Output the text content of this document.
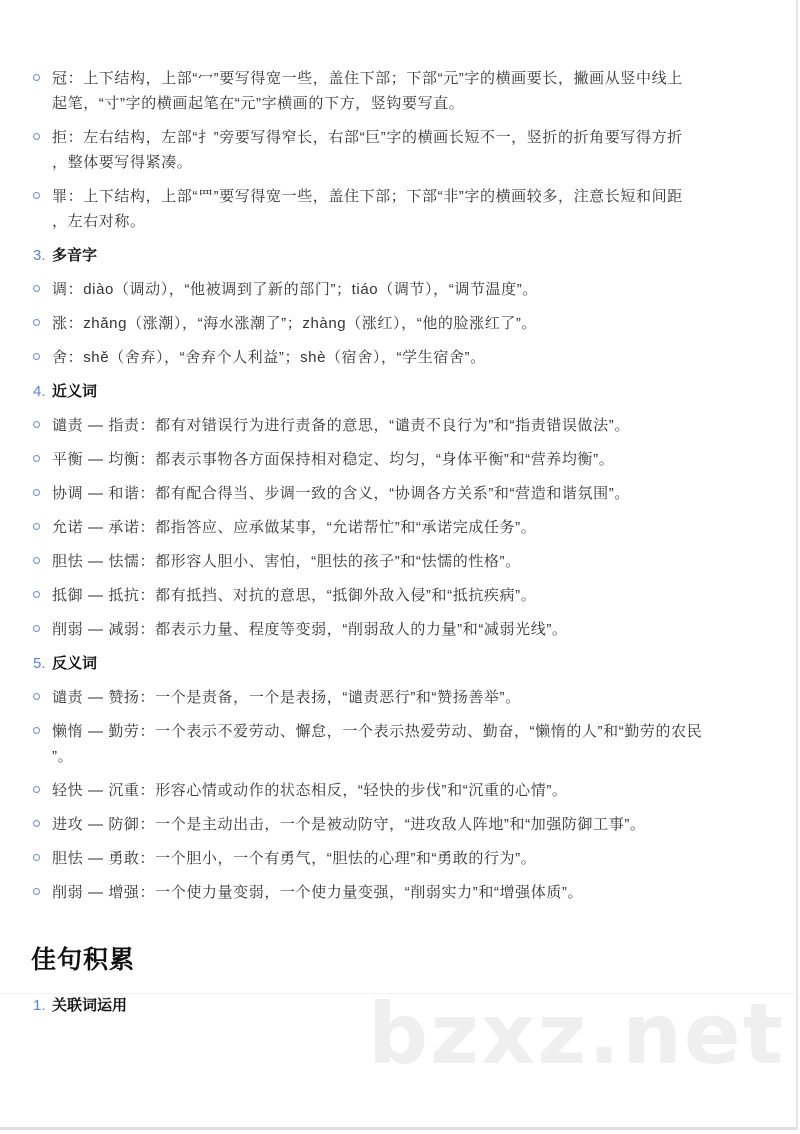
冠：上下结构，上部“冖”要写得宽一些，盖住下部；下部“元”字的横画要长，撇画从竖中线上
起笔，“寸”字的横画起笔在“元”字横画的下方，竖钩要写直。
拒：左右结构，左部“扌”旁要写得窄长，右部“巨”字的横画长短不一，竖折的折角要写得方折
，整体要写得紧凑。
罪：上下结构，上部“罒”要写得宽一些，盖住下部；下部“非”字的横画较多，注意长短和间距
，左右对称。
3. 多音字
调：diào（调动），“他被调到了新的部门”；tiáo（调节），“调节温度”。
涨：zhǎng（涨潮），“海水涨潮了”；zhàng（涨红），“他的脸涨红了”。
舍：shě（舍弃），“舍弃个人利益”；shè（宿舍），“学生宿舍”。
4. 近义词
谴责 — 指责：都有对错误行为进行责备的意思，“谴责不良行为”和“指责错误做法”。
平衡 — 均衡：都表示事物各方面保持相对稳定、均匀，“身体平衡”和“营养均衡”。
协调 — 和谐：都有配合得当、步调一致的含义，“协调各方关系”和“营造和谐氛围”。
允诺 — 承诺：都指答应、应承做某事，“允诺帮忙”和“承诺完成任务”。
胆怯 — 怯懦：都形容人胆小、害怕，“胆怯的孩子”和“怯懦的性格”。
抵御 — 抵抗：都有抵挡、对抗的意思，“抵御外敌入侵”和“抵抗疾病”。
削弱 — 减弱：都表示力量、程度等变弱，“削弱敌人的力量”和“减弱光线”。
5. 反义词
谴责 — 赞扬：一个是责备，一个是表扬，“谴责恶行”和“赞扬善举”。
懒惰 — 勤劳：一个表示不爱劳动、懈怠，一个表示热爱劳动、勤奋，“懒惰的人”和“勤劳的农民
”。
轻快 — 沉重：形容心情或动作的状态相反，“轻快的步伐”和“沉重的心情”。
进攻 — 防御：一个是主动出击，一个是被动防守，“进攻敌人阵地”和“加强防御工事”。
胆怯 — 勇敢：一个胆小，一个有勇气，“胆怯的心理”和“勇敢的行为”。
削弱 — 增强：一个使力量变弱，一个使力量变强，“削弱实力”和“增强体质”。
佳句积累
1. 关联词运用	bzxz.net
